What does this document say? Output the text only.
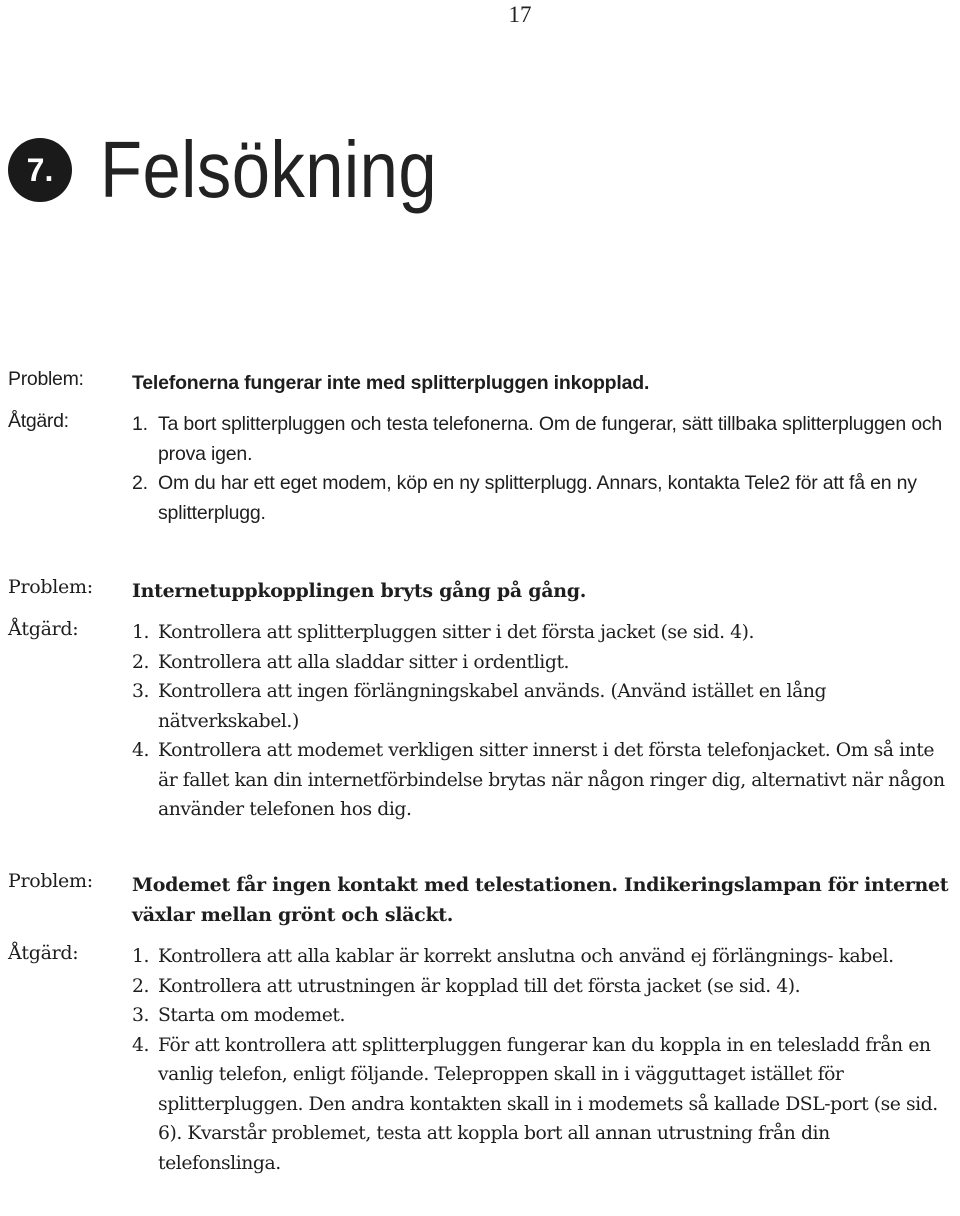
17
7. Felsökning
Problem: Telefonerna fungerar inte med splitterpluggen inkopplad.
Åtgärd:	1. Ta bort splitterpluggen och testa telefonerna. Om de fungerar, sätt tillbaka splitterpluggen och prova igen.
2. Om du har ett eget modem, köp en ny splitterplugg. Annars, kontakta Tele2 för att få en ny splitterplugg.
Problem: Internetuppkopplingen bryts gång på gång.
Åtgärd:	1. Kontrollera att splitterpluggen sitter i det första jacket (se sid. 4).
2. Kontrollera att alla sladdar sitter i ordentligt.
3. Kontrollera att ingen förlängningskabel används. (Använd istället en lång nätverkskabel.)
4. Kontrollera att modemet verkligen sitter innerst i det första telefonjacket. Om så inte är fallet kan din internetförbindelse brytas när någon ringer dig, alternativt när någon använder telefonen hos dig.
Problem: Modemet får ingen kontakt med telestationen. Indikeringslampan för internet växlar mellan grönt och släckt.
Åtgärd:	1. Kontrollera att alla kablar är korrekt anslutna och använd ej förlängnings- kabel.
2. Kontrollera att utrustningen är kopplad till det första jacket (se sid. 4).
3. Starta om modemet.
4. För att kontrollera att splitterpluggen fungerar kan du koppla in en telesladd från en vanlig telefon, enligt följande. Teleproppen skall in i vägguttaget istället för splitterpluggen. Den andra kontakten skall in i modemets så kallade DSL-port (se sid. 6). Kvarstår problemet, testa att koppla bort all annan utrustning från din telefonslinga.
